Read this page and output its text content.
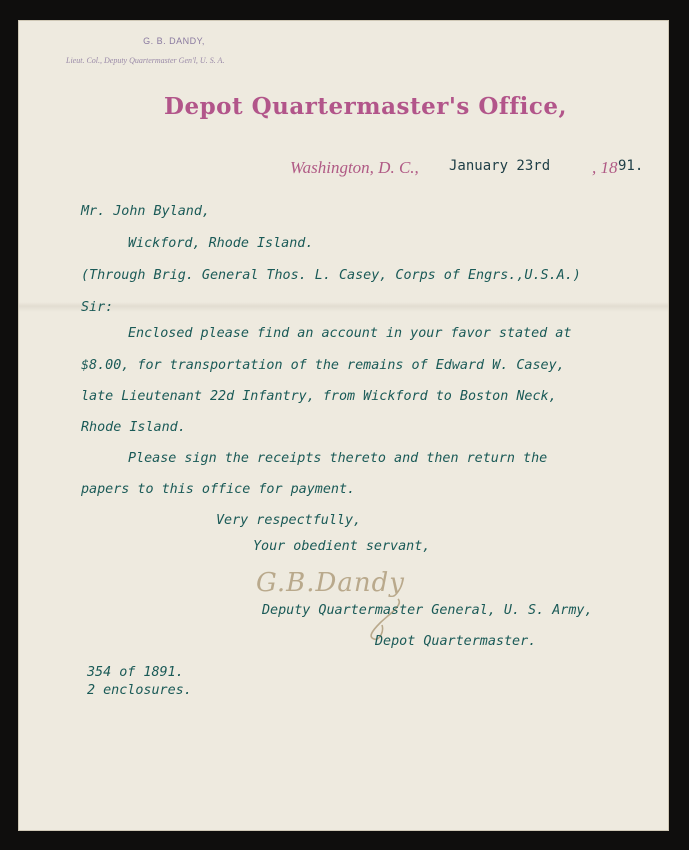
G. B. DANDY,
Lieut. Col., Deputy Quartermaster Gen'l, U. S. A.
Depot Quartermaster's Office,
Washington, D. C., January 23rd , 18 91.
Mr. John Byland,
Wickford, Rhode Island.
(Through Brig. General Thos. L. Casey, Corps of Engrs.,U.S.A.)
Sir:
Enclosed please find an account in your favor stated at
$8.00, for transportation of the remains of Edward W. Casey,
late Lieutenant 22d Infantry, from Wickford to Boston Neck,
Rhode Island.
Please sign the receipts thereto and then return the
papers to this office for payment.
Very respectfully,
Your obedient servant,
G.B.Dandy
Deputy Quartermaster General, U. S. Army,
Depot Quartermaster.
354 of 1891.
2 enclosures.
